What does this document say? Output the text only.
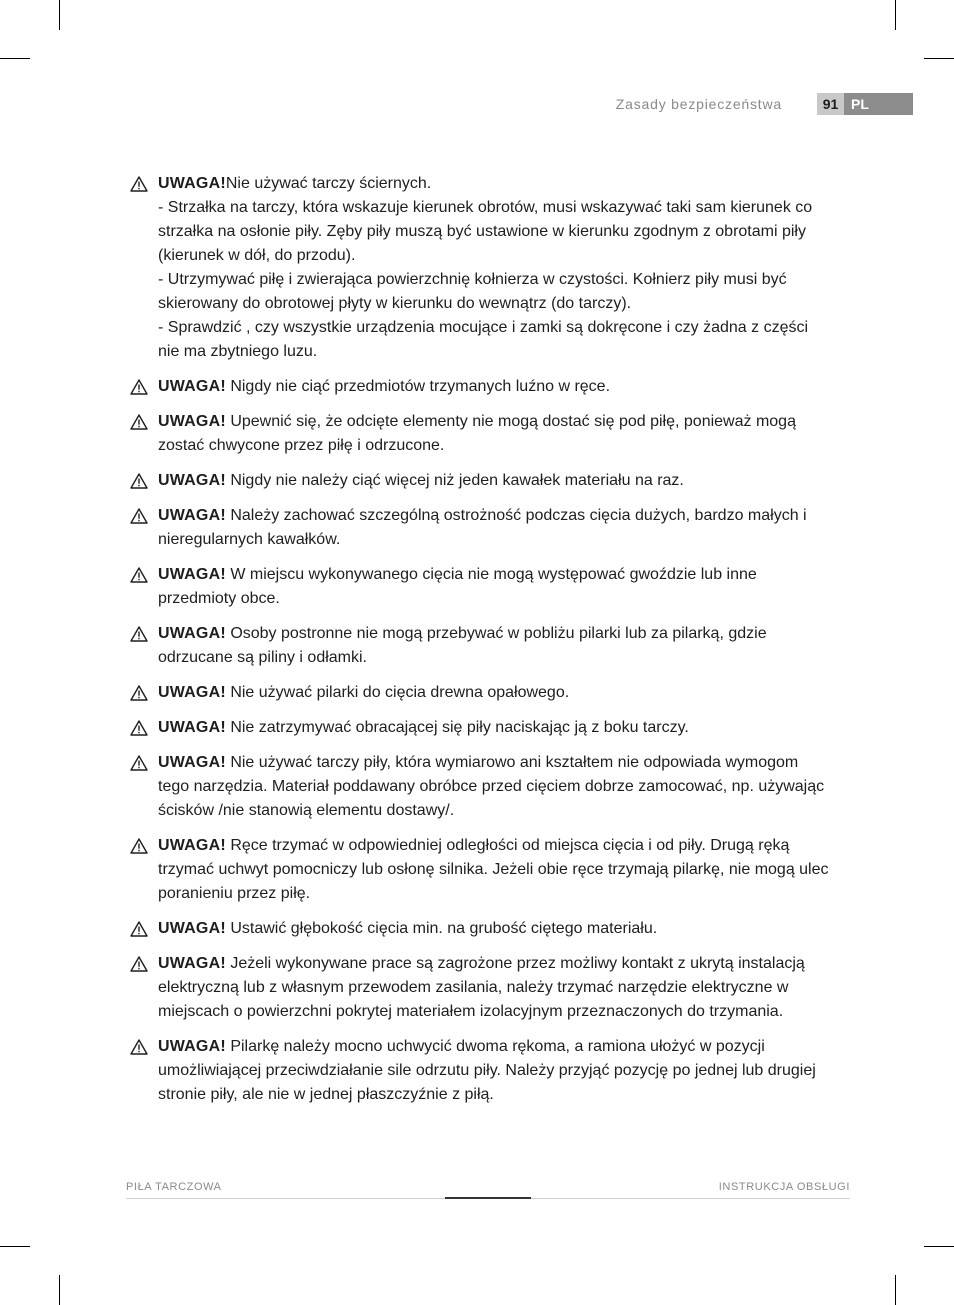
Zasady bezpieczeństwa	91 PL
UWAGA!Nie używać tarczy ściernych.
- Strzałka na tarczy, która wskazuje kierunek obrotów, musi wskazywać taki sam kierunek co strzałka na osłonie piły. Zęby piły muszą być ustawione w kierunku zgodnym z obrotami piły (kierunek w dół, do przodu).
- Utrzymywać piłę i zwierająca powierzchnię kołnierza w czystości. Kołnierz piły musi być skierowany do obrotowej płyty w kierunku do wewnątrz (do tarczy).
- Sprawdzić , czy wszystkie urządzenia mocujące i zamki są dokręcone i czy żadna z części nie ma zbytniego luzu.
UWAGA! Nigdy nie ciąć przedmiotów trzymanych luźno w ręce.
UWAGA! Upewnić się, że odcięte elementy nie mogą dostać się pod piłę, ponieważ mogą zostać chwycone przez piłę i odrzucone.
UWAGA! Nigdy nie należy ciąć więcej niż jeden kawałek materiału na raz.
UWAGA! Należy zachować szczególną ostrożność podczas cięcia dużych, bardzo małych i nieregularnych kawałków.
UWAGA! W miejscu wykonywanego cięcia nie mogą występować gwoździe lub inne przedmioty obce.
UWAGA! Osoby postronne nie mogą przebywać w pobliżu pilarki lub za pilarką, gdzie odrzucane są piliny i odłamki.
UWAGA! Nie używać pilarki do cięcia drewna opałowego.
UWAGA! Nie zatrzymywać obracającej się piły naciskając ją z boku tarczy.
UWAGA! Nie używać tarczy piły, która wymiarowo ani kształtem nie odpowiada wymogom tego narzędzia. Materiał poddawany obróbce przed cięciem dobrze zamocować, np. używając ścisków /nie stanowią elementu dostawy/.
UWAGA! Ręce trzymać w odpowiedniej odległości od miejsca cięcia i od piły. Drugą ręką trzymać uchwyt pomocniczy lub osłonę silnika. Jeżeli obie ręce trzymają pilarkę, nie mogą ulec poranieniu przez piłę.
UWAGA! Ustawić głębokość cięcia min. na grubość ciętego materiału.
UWAGA! Jeżeli wykonywane prace są zagrożone przez możliwy kontakt z ukrytą instalacją elektryczną lub z własnym przewodem zasilania, należy trzymać narzędzie elektryczne w miejscach o powierzchni pokrytej materiałem izolacyjnym przeznaczonych do trzymania.
UWAGA! Pilarkę należy mocno uchwycić dwoma rękoma, a ramiona ułożyć w pozycji umożliwiającej przeciwdziałanie sile odrzutu piły. Należy przyjąć pozycję po jednej lub drugiej stronie piły, ale nie w jednej płaszczyźnie z piłą.
PIŁA TARCZOWA	INSTRUKCJA OBSŁUGI
